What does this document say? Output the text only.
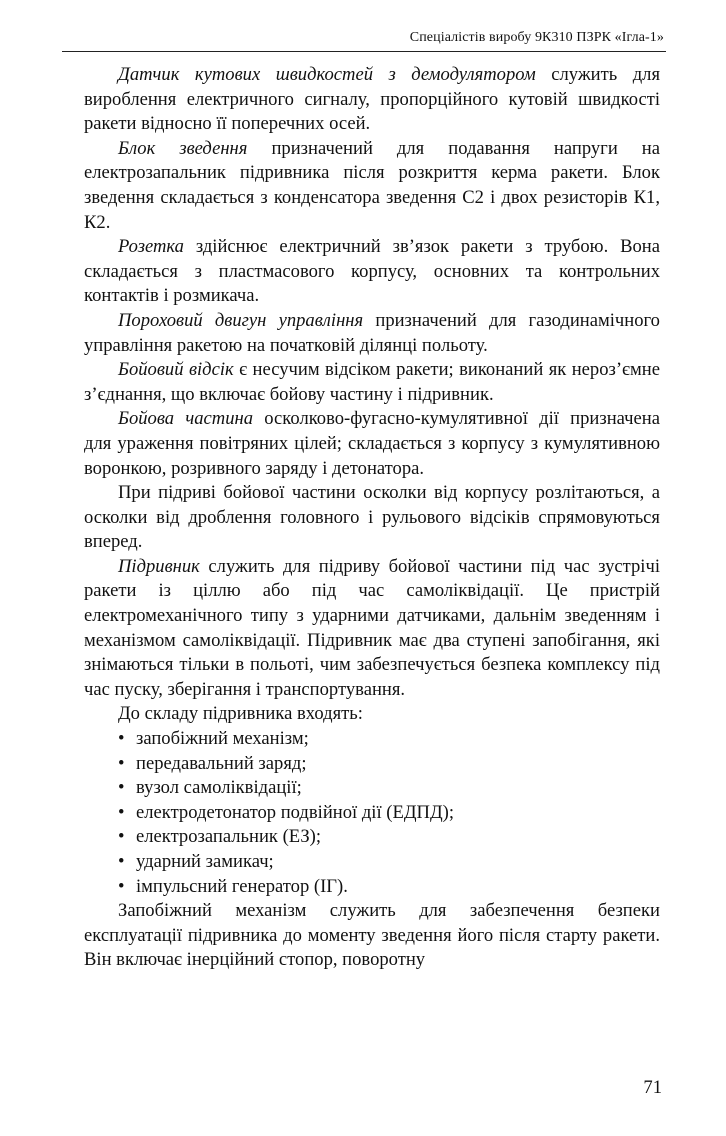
Спеціалістів виробу 9К310 ПЗРК «Ігла-1»

Датчик кутових швидкостей з демодулятором служить для вироблення електричного сигналу, пропорційного кутовій швидкості ракети відносно її поперечних осей.

Блок зведення призначений для подавання напруги на електрозапальник підривника після розкриття керма ракети. Блок зведення складається з конденсатора зведення С2 і двох резисторів К1, К2.

Розетка здійснює електричний зв’язок ракети з трубою. Вона складається з пластмасового корпусу, основних та контрольних контактів і розмикача.

Пороховий двигун управління призначений для газодинамічного управління ракетою на початковій ділянці польоту.

Бойовий відсік є несучим відсіком ракети; виконаний як нероз’ємне з’єднання, що включає бойову частину і підривник.

Бойова частина осколково-фугасно-кумулятивної дії призначена для ураження повітряних цілей; складається з корпусу з кумулятивною воронкою, розривного заряду і детонатора.

При підриві бойової частини осколки від корпусу розлітаються, а осколки від дроблення головного і рульового відсіків спрямовуються вперед.

Підривник служить для підриву бойової частини під час зустрічі ракети із ціллю або під час самоліквідації. Це пристрій електромеханічного типу з ударними датчиками, дальнім зведенням і механізмом самоліквідації. Підривник має два ступені запобігання, які знімаються тільки в польоті, чим забезпечується безпека комплексу під час пуску, зберігання і транспортування.

До складу підривника входять:

• запобіжний механізм;
• передавальний заряд;
• вузол самоліквідації;
• електродетонатор подвійної дії (ЕДПД);
• електрозапальник (ЕЗ);
• ударний замикач;
• імпульсний генератор (ІГ).

Запобіжний механізм служить для забезпечення безпеки експлуатації підривника до моменту зведення його після старту ракети. Він включає інерційний стопор, поворотну

71
